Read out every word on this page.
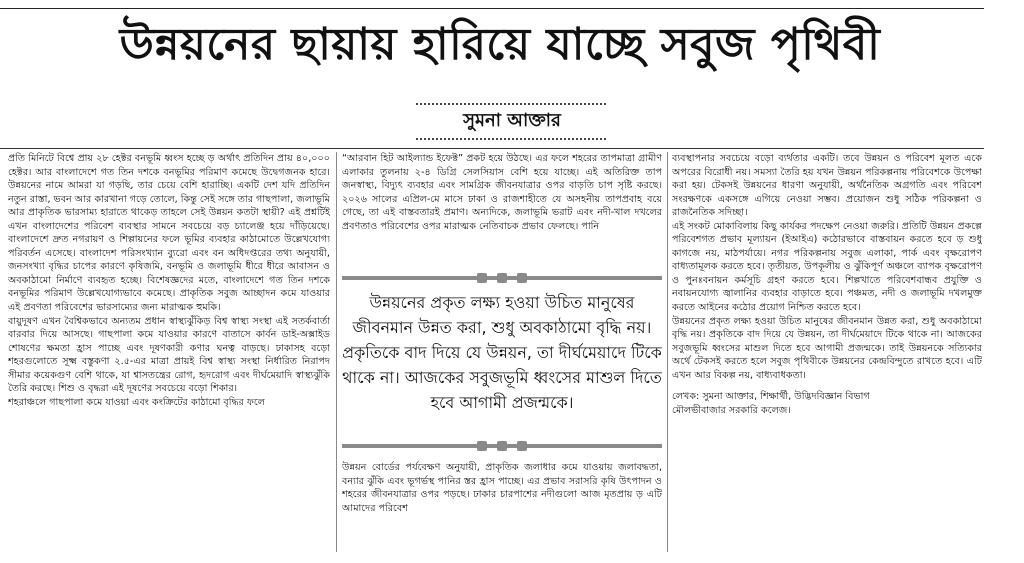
উন্নয়নের ছায়ায় হারিয়ে যাচ্ছে সবুজ পৃথিবী
সুমনা আক্তার

প্রতি মিনিটে বিশ্বে প্রায় ২৮ হেক্টর বনভূমি ধ্বংস হচ্ছে ড় অর্থাৎ প্রতিদিন প্রায় ৪০,০০০ হেক্টর। আর বাংলাদেশে গত তিন দশকে বনভূমির পরিমাণ কমেছে উদ্বেগজনক হারে। উন্নয়নের নামে আমরা যা গড়ছি, তার চেয়ে বেশি হারাচ্ছি। একটি দেশ যদি প্রতিদিন নতুন রাস্তা, ভবন আর কারখানা গড়ে তোলে, কিন্তু সেই সঙ্গে তার গাছপালা, জলাভূমি আর প্রাকৃতিক ভারসাম্য হারাতে থাকেড় তাহলে সেই উন্নয়ন কতটা স্থায়ী? এই প্রশ্নটিই এখন বাংলাদেশের পরিবেশ ব্যবস্থার সামনে সবচেয়ে বড় চ্যালেঞ্জ হয়ে দাঁড়িয়েছে। বাংলাদেশে দ্রুত নগরায়ণ ও শিল্পায়নের ফলে ভূমির ব্যবহার কাঠামোতে উল্লেখযোগ্য পরিবর্তন এসেছে। বাংলাদেশ পরিসংখ্যান ব্যুরো এবং বন অধিদপ্তরের তথ্য অনুযায়ী, জনসংখ্যা বৃদ্ধির চাপের কারণে কৃষিজমি, বনভূমি ও জলাভূমি ধীরে ধীরে আবাসন ও অবকাঠামো নির্মাণে ব্যবহৃত হচ্ছে। বিশেষজ্ঞদের মতে, বাংলাদেশে গত তিন দশকে বনভূমির পরিমাণ উল্লেখযোগ্যভাবে কমেছে। প্রাকৃতিক সবুজ আচ্ছাদন কমে যাওয়ার এই প্রবণতা পরিবেশের ভারসাম্যের জন্য মারাত্মক হুমকি।

বায়ুদূষণ এখন বৈশ্বিকভাবে অন্যতম প্রধান স্বাস্থ্যঝুঁকিড় বিশ্ব স্বাস্থ্য সংস্থা এই সতর্কবার্তা বারবার দিয়ে আসছে। গাছপালা কমে যাওয়ার কারণে বাতাসে কার্বন ডাই-অক্সাইড শোষণের ক্ষমতা হ্রাস পাচ্ছে এবং দূষণকারী কণার ঘনত্ব বাড়ছে। ঢাকাসহ বড়ো শহরগুলোতে সূক্ষ্ম বস্তুকণা ২.৫-এর মাত্রা প্রায়ই বিশ্ব স্বাস্থ্য সংস্থা নির্ধারিত নিরাপদ সীমার কয়েকগুণ বেশি থাকে, যা শ্বাসতন্ত্রের রোগ, হৃদরোগ এবং দীর্ঘমেয়াদি স্বাস্থ্যঝুঁকি তৈরি করছে। শিশু ও বৃদ্ধরা এই দূষণের সবচেয়ে বড়ো শিকার।

শহরাঞ্চলে গাছপালা কমে যাওয়া এবং কংক্রিটের কাঠামো বৃদ্ধির ফলে

“আরবান হিট আইল্যান্ড ইফেক্ট” প্রকট হয়ে উঠছে। এর ফলে শহরের তাপমাত্রা গ্রামীণ এলাকার তুলনায় ২-৪ ডিগ্রি সেলসিয়াস বেশি হয়ে যাচ্ছে। এই অতিরিক্ত তাপ জনস্বাস্থ্য, বিদ্যুৎ ব্যবহার এবং সামগ্রিক জীবনযাত্রার ওপর বাড়তি চাপ সৃষ্টি করছে। ২০২৬ সালের এপ্রিল-মে মাসে ঢাকা ও রাজশাহীতে যে অসহনীয় তাপপ্রবাহ বয়ে গেছে, তা এই বাস্তবতারই প্রমাণ। অন্যদিকে, জলাভূমি ভরাট এবং নদী-খাল দখলের প্রবণতাও পরিবেশের ওপর মারাত্মক নেতিবাচক প্রভাব ফেলছে। পানি

উন্নয়নের প্রকৃত লক্ষ্য হওয়া উচিত মানুষের জীবনমান উন্নত করা, শুধু অবকাঠামো বৃদ্ধি নয়। প্রকৃতিকে বাদ দিয়ে যে উন্নয়ন, তা দীর্ঘমেয়াদে টিকে থাকে না। আজকের সবুজভূমি ধ্বংসের মাশুল দিতে হবে আগামী প্রজন্মকে।

উন্নয়ন বোর্ডের পর্যবেক্ষণ অনুযায়ী, প্রাকৃতিক জলাধার কমে যাওয়ায় জলাবদ্ধতা, বন্যার ঝুঁকি এবং ভূগর্ভস্থ পানির স্তর হ্রাস পাচ্ছে। এর প্রভাব সরাসরি কৃষি উৎপাদন ও শহরের জীবনযাত্রার ওপর পড়ছে। ঢাকার চারপাশের নদীগুলো আজ মৃতপ্রায় ড় এটি আমাদের পরিবেশ

ব্যবস্থাপনার সবচেয়ে বড়ো ব্যর্থতার একটি। তবে উন্নয়ন ও পরিবেশ মূলত একে অপরের বিরোধী নয়। সমস্যা তৈরি হয় যখন উন্নয়ন পরিকল্পনায় পরিবেশকে উপেক্ষা করা হয়। টেকসই উন্নয়নের ধারণা অনুযায়ী, অর্থনৈতিক অগ্রগতি এবং পরিবেশ সংরক্ষণকে একসঙ্গে এগিয়ে নেওয়া সম্ভব। প্রয়োজন শুধু সঠিক পরিকল্পনা ও রাজনৈতিক সদিচ্ছা।

এই সংকট মোকাবিলায় কিছু কার্যকর পদক্ষেপ নেওয়া জরুরি। প্রতিটি উন্নয়ন প্রকল্পে পরিবেশগত প্রভাব মূল্যায়ন (ইআইএ) কঠোরভাবে বাস্তবায়ন করতে হবে ড় শুধু কাগজে নয়, মাঠপর্যায়ে। নগর পরিকল্পনায় সবুজ এলাকা, পার্ক এবং বৃক্ষরোপণ বাধ্যতামূলক করতে হবে। তৃতীয়ত, উপকূলীয় ও ঝুঁকিপূর্ণ অঞ্চলে ব্যাপক বৃক্ষরোপণ ও পুনঃবনায়ন কর্মসূচি গ্রহণ করতে হবে। শিল্পখাতে পরিবেশবান্ধব প্রযুক্তি ও নবায়নযোগ্য জ্বালানির ব্যবহার বাড়াতে হবে। পঞ্চমত, নদী ও জলাভূমি দখলমুক্ত করতে আইনের কঠোর প্রয়োগ নিশ্চিত করতে হবে।

উন্নয়নের প্রকৃত লক্ষ্য হওয়া উচিত মানুষের জীবনমান উন্নত করা, শুধু অবকাঠামো বৃদ্ধি নয়। প্রকৃতিকে বাদ দিয়ে যে উন্নয়ন, তা দীর্ঘমেয়াদে টিকে থাকে না। আজকের সবুজভূমি ধ্বংসের মাশুল দিতে হবে আগামী প্রজন্মকে। তাই উন্নয়নকে সত্যিকার অর্থে টেকসই করতে হলে সবুজ পৃথিবীকে উন্নয়নের কেন্দ্রবিন্দুতে রাখতে হবে। এটি এখন আর বিকল্প নয়, বাধ্যবাধকতা।

লেখক: সুমনা আক্তার, শিক্ষার্থী, উদ্ভিদবিজ্ঞান বিভাগ
মৌলভীবাজার সরকারি কলেজ।
